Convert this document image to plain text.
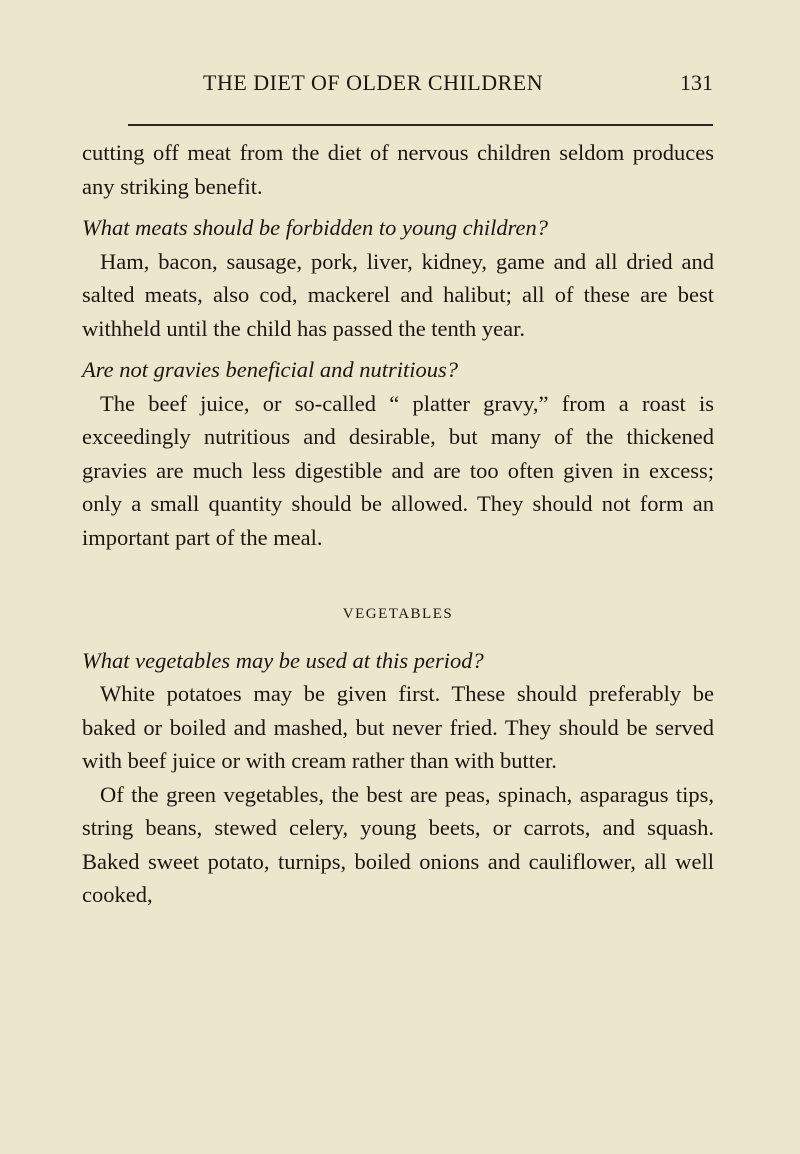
THE DIET OF OLDER CHILDREN	131

cutting off meat from the diet of nervous children seldom produces any striking benefit.

What meats should be forbidden to young children?

Ham, bacon, sausage, pork, liver, kidney, game and all dried and salted meats, also cod, mackerel and halibut; all of these are best withheld until the child has passed the tenth year.

Are not gravies beneficial and nutritious?

The beef juice, or so-called “ platter gravy,” from a roast is exceedingly nutritious and desirable, but many of the thickened gravies are much less digestible and are too often given in excess; only a small quantity should be allowed. They should not form an important part of the meal.

VEGETABLES

What vegetables may be used at this period?

White potatoes may be given first. These should preferably be baked or boiled and mashed, but never fried. They should be served with beef juice or with cream rather than with butter.

Of the green vegetables, the best are peas, spinach, asparagus tips, string beans, stewed celery, young beets, or carrots, and squash. Baked sweet potato, turnips, boiled onions and cauliflower, all well cooked,
